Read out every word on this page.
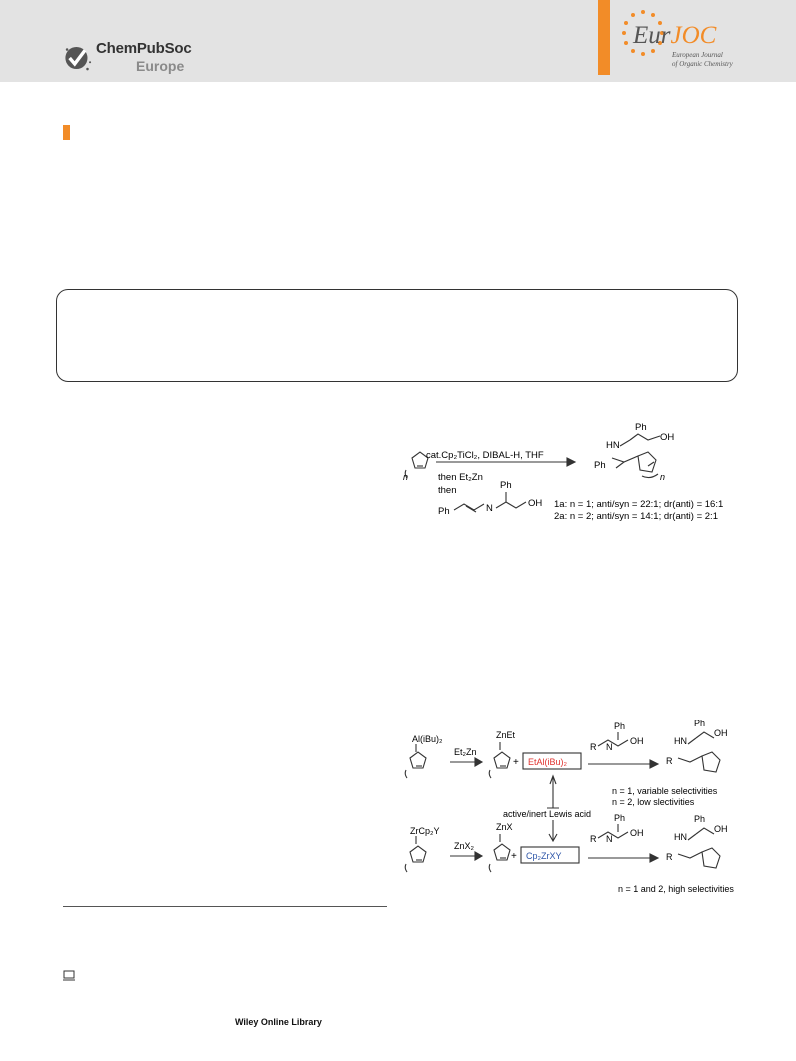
ChemPubSoc
Europe
EurJOC
European Journal
of Organic Chemistry
n
cat.Cp₂TiCl₂, DIBAL-H, THF
then Et₂Zn
then
Ph	N
Ph
OH
Ph
HN
OH
Ph
n
1a: n = 1; anti/syn = 22:1; dr(anti) = 16:1
2a: n = 2; anti/syn = 14:1; dr(anti) = 2:1
Al(iBu)₂
Et₂Zn
ZnEt
+ EtAl(iBu)₂
R N
Ph
OH
Ph
OH
HN
R
n = 1, variable selectivities
n = 2, low slectivities
active/inert Lewis acid
ZrCp₂Y
ZnX₂
ZnX
+ Cp₂ZrXY
R N
Ph
OH
Ph
OH
HN
R
n = 1 and 2, high selectivities
Wiley Online Library
